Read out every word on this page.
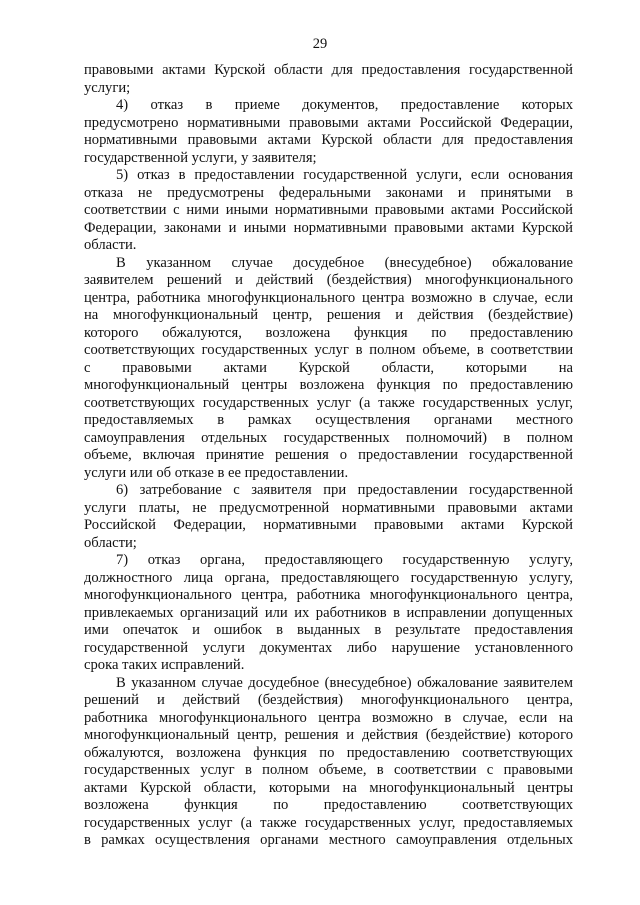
29
правовыми актами Курской области для предоставления государственной
услуги;
4) отказ в приеме документов, предоставление которых
предусмотрено нормативными правовыми актами Российской Федерации,
нормативными правовыми актами Курской области для предоставления
государственной услуги, у заявителя;
5) отказ в предоставлении государственной услуги, если основания
отказа не предусмотрены федеральными законами и принятыми в
соответствии с ними иными нормативными правовыми актами Российской
Федерации, законами и иными нормативными правовыми актами Курской
области.
В указанном случае досудебное (внесудебное) обжалование
заявителем решений и действий (бездействия) многофункционального
центра, работника многофункционального центра возможно в случае, если
на многофункциональный центр, решения и действия (бездействие)
которого обжалуются, возложена функция по предоставлению
соответствующих государственных услуг в полном объеме, в соответствии
с правовыми актами Курской области, которыми на
многофункциональный центры возложена функция по предоставлению
соответствующих государственных услуг (а также государственных услуг,
предоставляемых в рамках осуществления органами местного
самоуправления отдельных государственных полномочий) в полном
объеме, включая принятие решения о предоставлении государственной
услуги или об отказе в ее предоставлении.
6) затребование с заявителя при предоставлении государственной
услуги платы, не предусмотренной нормативными правовыми актами
Российской Федерации, нормативными правовыми актами Курской
области;
7) отказ органа, предоставляющего государственную услугу,
должностного лица органа, предоставляющего государственную услугу,
многофункционального центра, работника многофункционального центра,
привлекаемых организаций или их работников в исправлении допущенных
ими опечаток и ошибок в выданных в результате предоставления
государственной услуги документах либо нарушение установленного
срока таких исправлений.
В указанном случае досудебное (внесудебное) обжалование заявителем
решений и действий (бездействия) многофункционального центра,
работника многофункционального центра возможно в случае, если на
многофункциональный центр, решения и действия (бездействие) которого
обжалуются, возложена функция по предоставлению соответствующих
государственных услуг в полном объеме, в соответствии с правовыми
актами Курской области, которыми на многофункциональный центры
возложена функция по предоставлению соответствующих
государственных услуг (а также государственных услуг, предоставляемых
в рамках осуществления органами местного самоуправления отдельных
